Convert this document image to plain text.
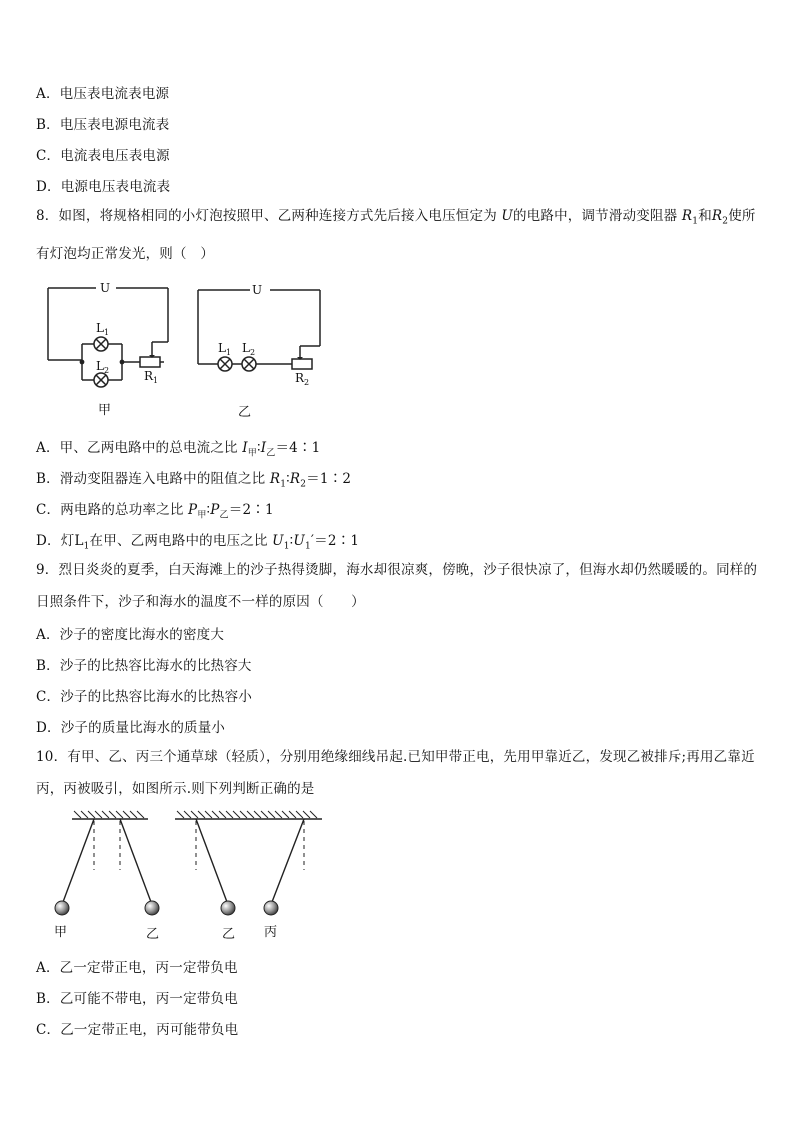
A．电压表电流表电源
B．电压表电源电流表
C．电流表电压表电源
D．电源电压表电流表
8．如图，将规格相同的小灯泡按照甲、乙两种连接方式先后接入电压恒定为 U的电路中，调节滑动变阻器 $R_1$和$R_2$使所有灯泡均正常发光，则（　）
U	U
$L_1$
$L_2$	$R_1$
$L_1$ $L_2$
$R_2$
甲	乙
A．甲、乙两电路中的总电流之比 $I_甲∶I_乙=4∶1$
B．滑动变阻器连入电路中的阻值之比 $R_1∶R_2=1∶2$
C．两电路的总功率之比 $P_甲∶P_乙=2∶1$
D．灯$L_1$在甲、乙两电路中的电压之比 $U_1∶U_1'=2∶1$
9．烈日炎炎的夏季，白天海滩上的沙子热得烫脚，海水却很凉爽，傍晚，沙子很快凉了，但海水却仍然暖暖的。同样的日照条件下，沙子和海水的温度不一样的原因（　　）
A．沙子的密度比海水的密度大
B．沙子的比热容比海水的比热容大
C．沙子的比热容比海水的比热容小
D．沙子的质量比海水的质量小
10．有甲、乙、丙三个通草球（轻质），分别用绝缘细线吊起.已知甲带正电，先用甲靠近乙，发现乙被排斥;再用乙靠近丙，丙被吸引，如图所示.则下列判断正确的是
甲	乙	乙 丙
A．乙一定带正电，丙一定带负电
B．乙可能不带电，丙一定带负电
C．乙一定带正电，丙可能带负电
